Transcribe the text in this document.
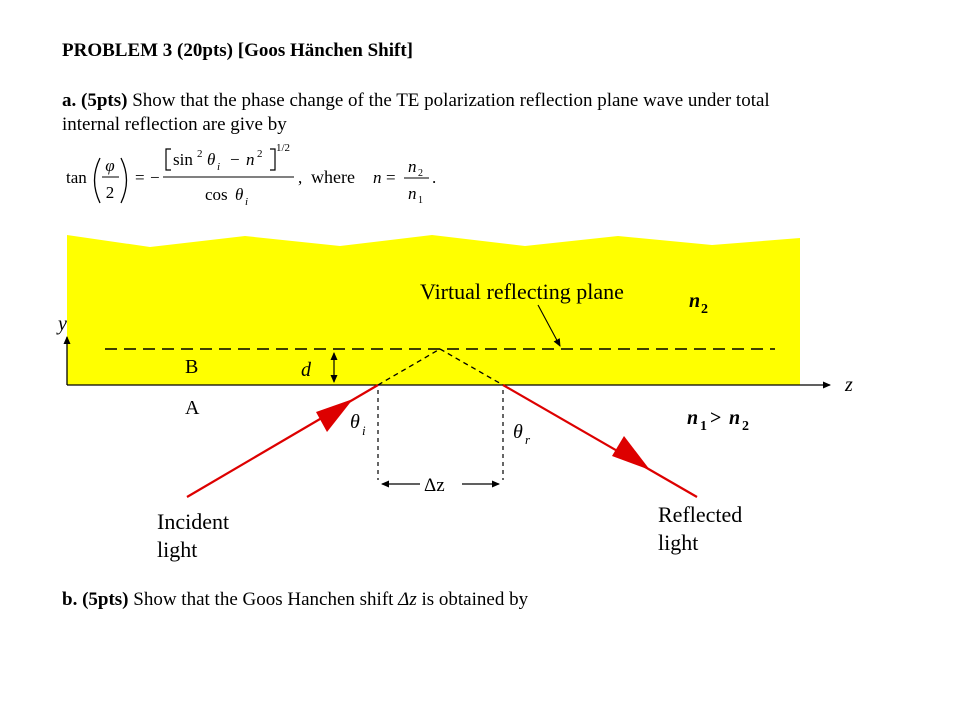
PROBLEM 3 (20pts) [Goos Hänchen Shift]
a. (5pts) Show that the phase change of the TE polarization reflection plane wave under total
internal reflection are give by
tan
φ
2
= −
sin 2 θ i − n 2 1/2
cos θ i
, where n =
n 2
n 1
.
Virtual reflecting plane	n 2
y
z
B
A
d
θ i	θ r
Δz
n 1 > n 2
Incident
light
Reflected
light
b. (5pts) Show that the Goos Hanchen shift Δz is obtained by
